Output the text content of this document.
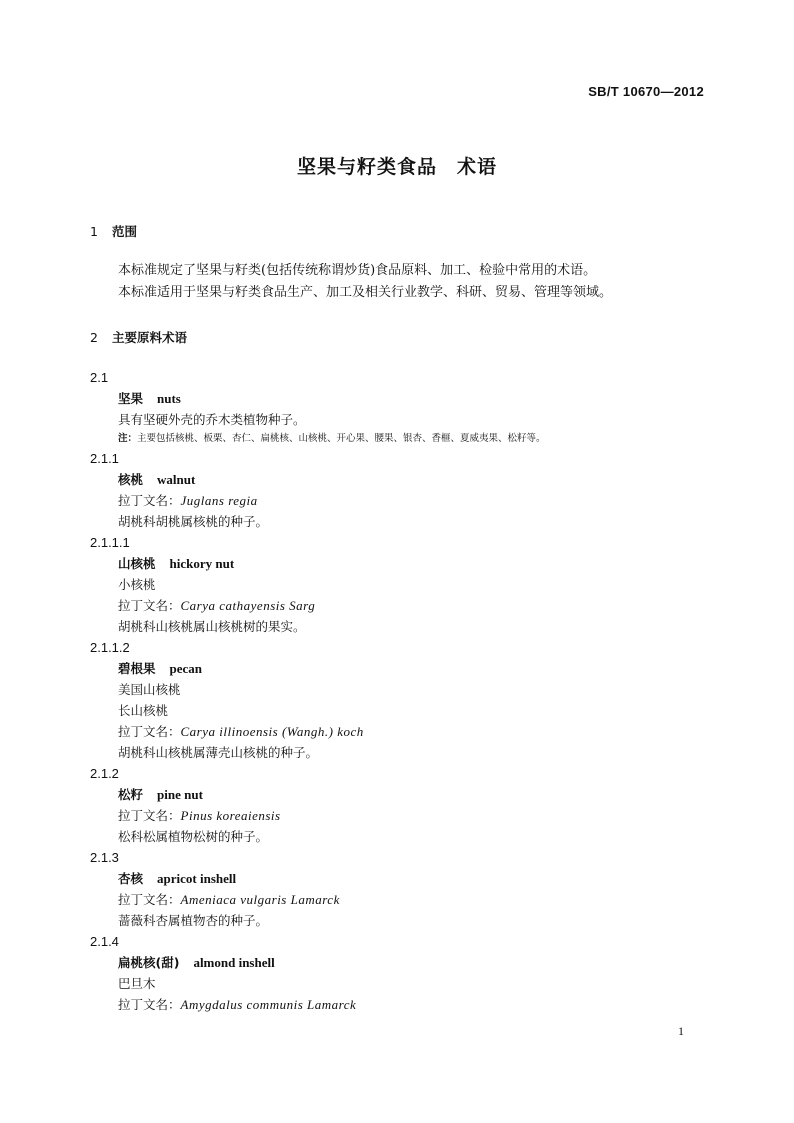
SB/T 10670—2012
坚果与籽类食品　术语
1 范围
本标准规定了坚果与籽类(包括传统称谓炒货)食品原料、加工、检验中常用的术语。
本标准适用于坚果与籽类食品生产、加工及相关行业教学、科研、贸易、管理等领域。
2 主要原料术语
2.1
坚果 nuts
具有坚硬外壳的乔木类植物种子。
注：主要包括核桃、板栗、杏仁、扁桃核、山核桃、开心果、腰果、银杏、香榧、夏威夷果、松籽等。
2.1.1
核桃 walnut
拉丁文名：Juglans regia
胡桃科胡桃属核桃的种子。
2.1.1.1
山核桃 hickory nut
小核桃
拉丁文名：Carya cathayensis Sarg
胡桃科山核桃属山核桃树的果实。
2.1.1.2
碧根果 pecan
美国山核桃
长山核桃
拉丁文名：Carya illinoensis (Wangh.) koch
胡桃科山核桃属薄壳山核桃的种子。
2.1.2
松籽 pine nut
拉丁文名：Pinus koreaiensis
松科松属植物松树的种子。
2.1.3
杏核 apricot inshell
拉丁文名：Ameniaca vulgaris Lamarck
蔷薇科杏属植物杏的种子。
2.1.4
扁桃核(甜) almond inshell
巴旦木
拉丁文名：Amygdalus communis Lamarck
1
